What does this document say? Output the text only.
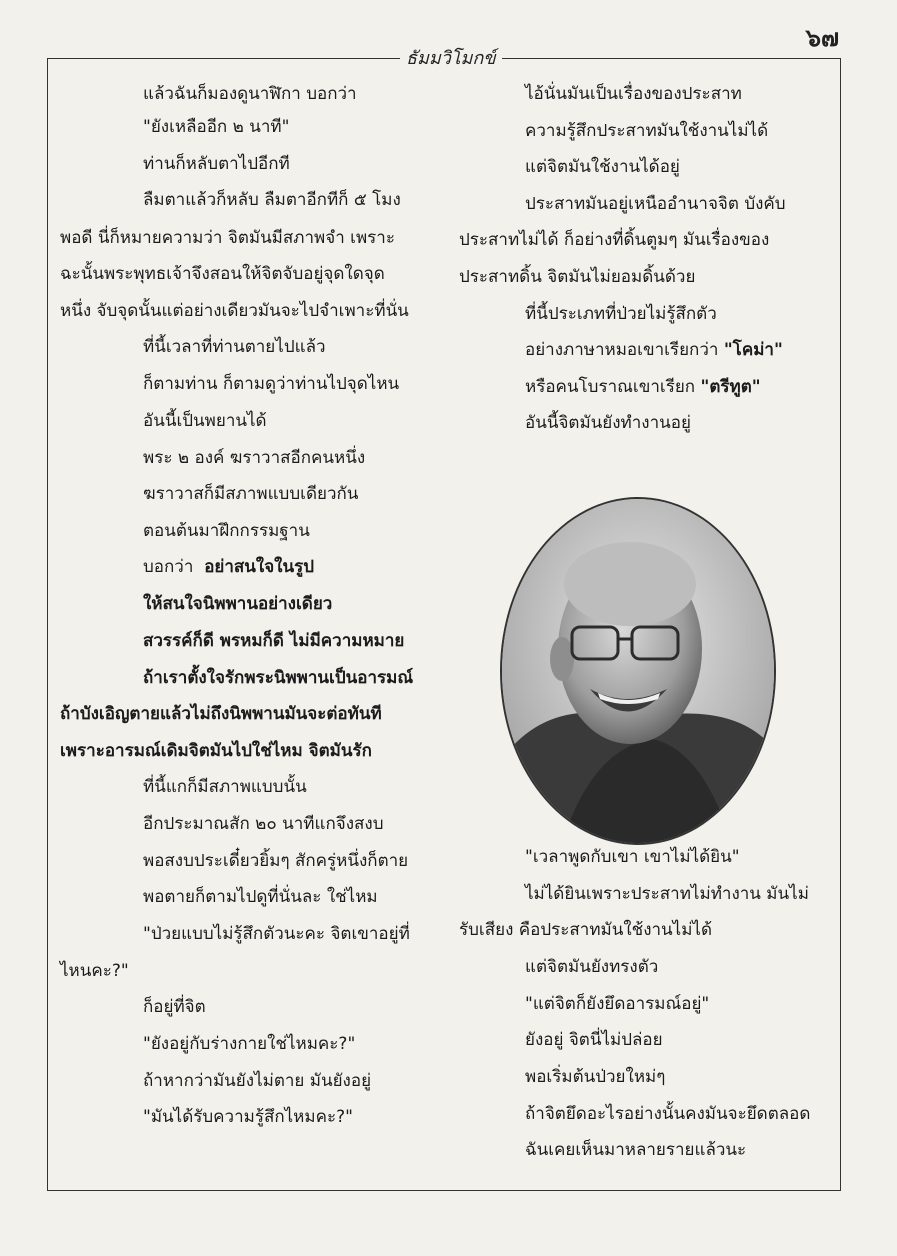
๖๗
ธัมมวิโมกข์
แล้วฉันก็มองดูนาฬิกา บอกว่า
"ยังเหลืออีก ๒ นาที"
ท่านก็หลับตาไปอีกที
ลืมตาแล้วก็หลับ ลืมตาอีกทีก็ ๕ โมง
พอดี นี่ก็หมายความว่า จิตมันมีสภาพจำ เพราะ
ฉะนั้นพระพุทธเจ้าจึงสอนให้จิตจับอยู่จุดใดจุด
หนึ่ง จับจุดนั้นแต่อย่างเดียวมันจะไปจำเพาะที่นั่น
ที่นี้เวลาที่ท่านตายไปแล้ว
ก็ตามท่าน ก็ตามดูว่าท่านไปจุดไหน
อันนี้เป็นพยานได้
พระ ๒ องค์ ฆราวาสอีกคนหนึ่ง
ฆราวาสก็มีสภาพแบบเดียวกัน
ตอนต้นมาฝึกกรรมฐาน
บอกว่า อย่าสนใจในรูป
ให้สนใจนิพพานอย่างเดียว
สวรรค์ก็ดี พรหมก็ดี ไม่มีความหมาย
ถ้าเราตั้งใจรักพระนิพพานเป็นอารมณ์
ถ้าบังเอิญตายแล้วไม่ถึงนิพพานมันจะต่อทันที
เพราะอารมณ์เดิมจิตมันไปใช่ไหม จิตมันรัก
ที่นี้แกก็มีสภาพแบบนั้น
อีกประมาณสัก ๒๐ นาทีแกจึงสงบ
พอสงบประเดี๋ยวยิ้มๆ สักครู่หนึ่งก็ตาย
พอตายก็ตามไปดูที่นั่นละ ใช่ไหม
"ป่วยแบบไม่รู้สึกตัวนะคะ จิตเขาอยู่ที่
ไหนคะ?"
ก็อยู่ที่จิต
"ยังอยู่กับร่างกายใช่ไหมคะ?"
ถ้าหากว่ามันยังไม่ตาย มันยังอยู่
"มันได้รับความรู้สึกไหมคะ?"
ไอ้นั่นมันเป็นเรื่องของประสาท
ความรู้สึกประสาทมันใช้งานไม่ได้
แต่จิตมันใช้งานได้อยู่
ประสาทมันอยู่เหนืออำนาจจิต บังคับ
ประสาทไม่ได้ ก็อย่างที่ดิ้นตูมๆ มันเรื่องของ
ประสาทดิ้น จิตมันไม่ยอมดิ้นด้วย
ที่นี้ประเภทที่ป่วยไม่รู้สึกตัว
อย่างภาษาหมอเขาเรียกว่า "โคม่า"
หรือคนโบราณเขาเรียก "ตรีทูต"
อันนี้จิตมันยังทำงานอยู่
"เวลาพูดกับเขา เขาไม่ได้ยิน"
ไม่ได้ยินเพราะประสาทไม่ทำงาน มันไม่
รับเสียง คือประสาทมันใช้งานไม่ได้
แต่จิตมันยังทรงตัว
"แต่จิตก็ยังยึดอารมณ์อยู่"
ยังอยู่ จิตนี่ไม่ปล่อย
พอเริ่มต้นป่วยใหม่ๆ
ถ้าจิตยึดอะไรอย่างนั้นคงมันจะยึดตลอด
ฉันเคยเห็นมาหลายรายแล้วนะ
